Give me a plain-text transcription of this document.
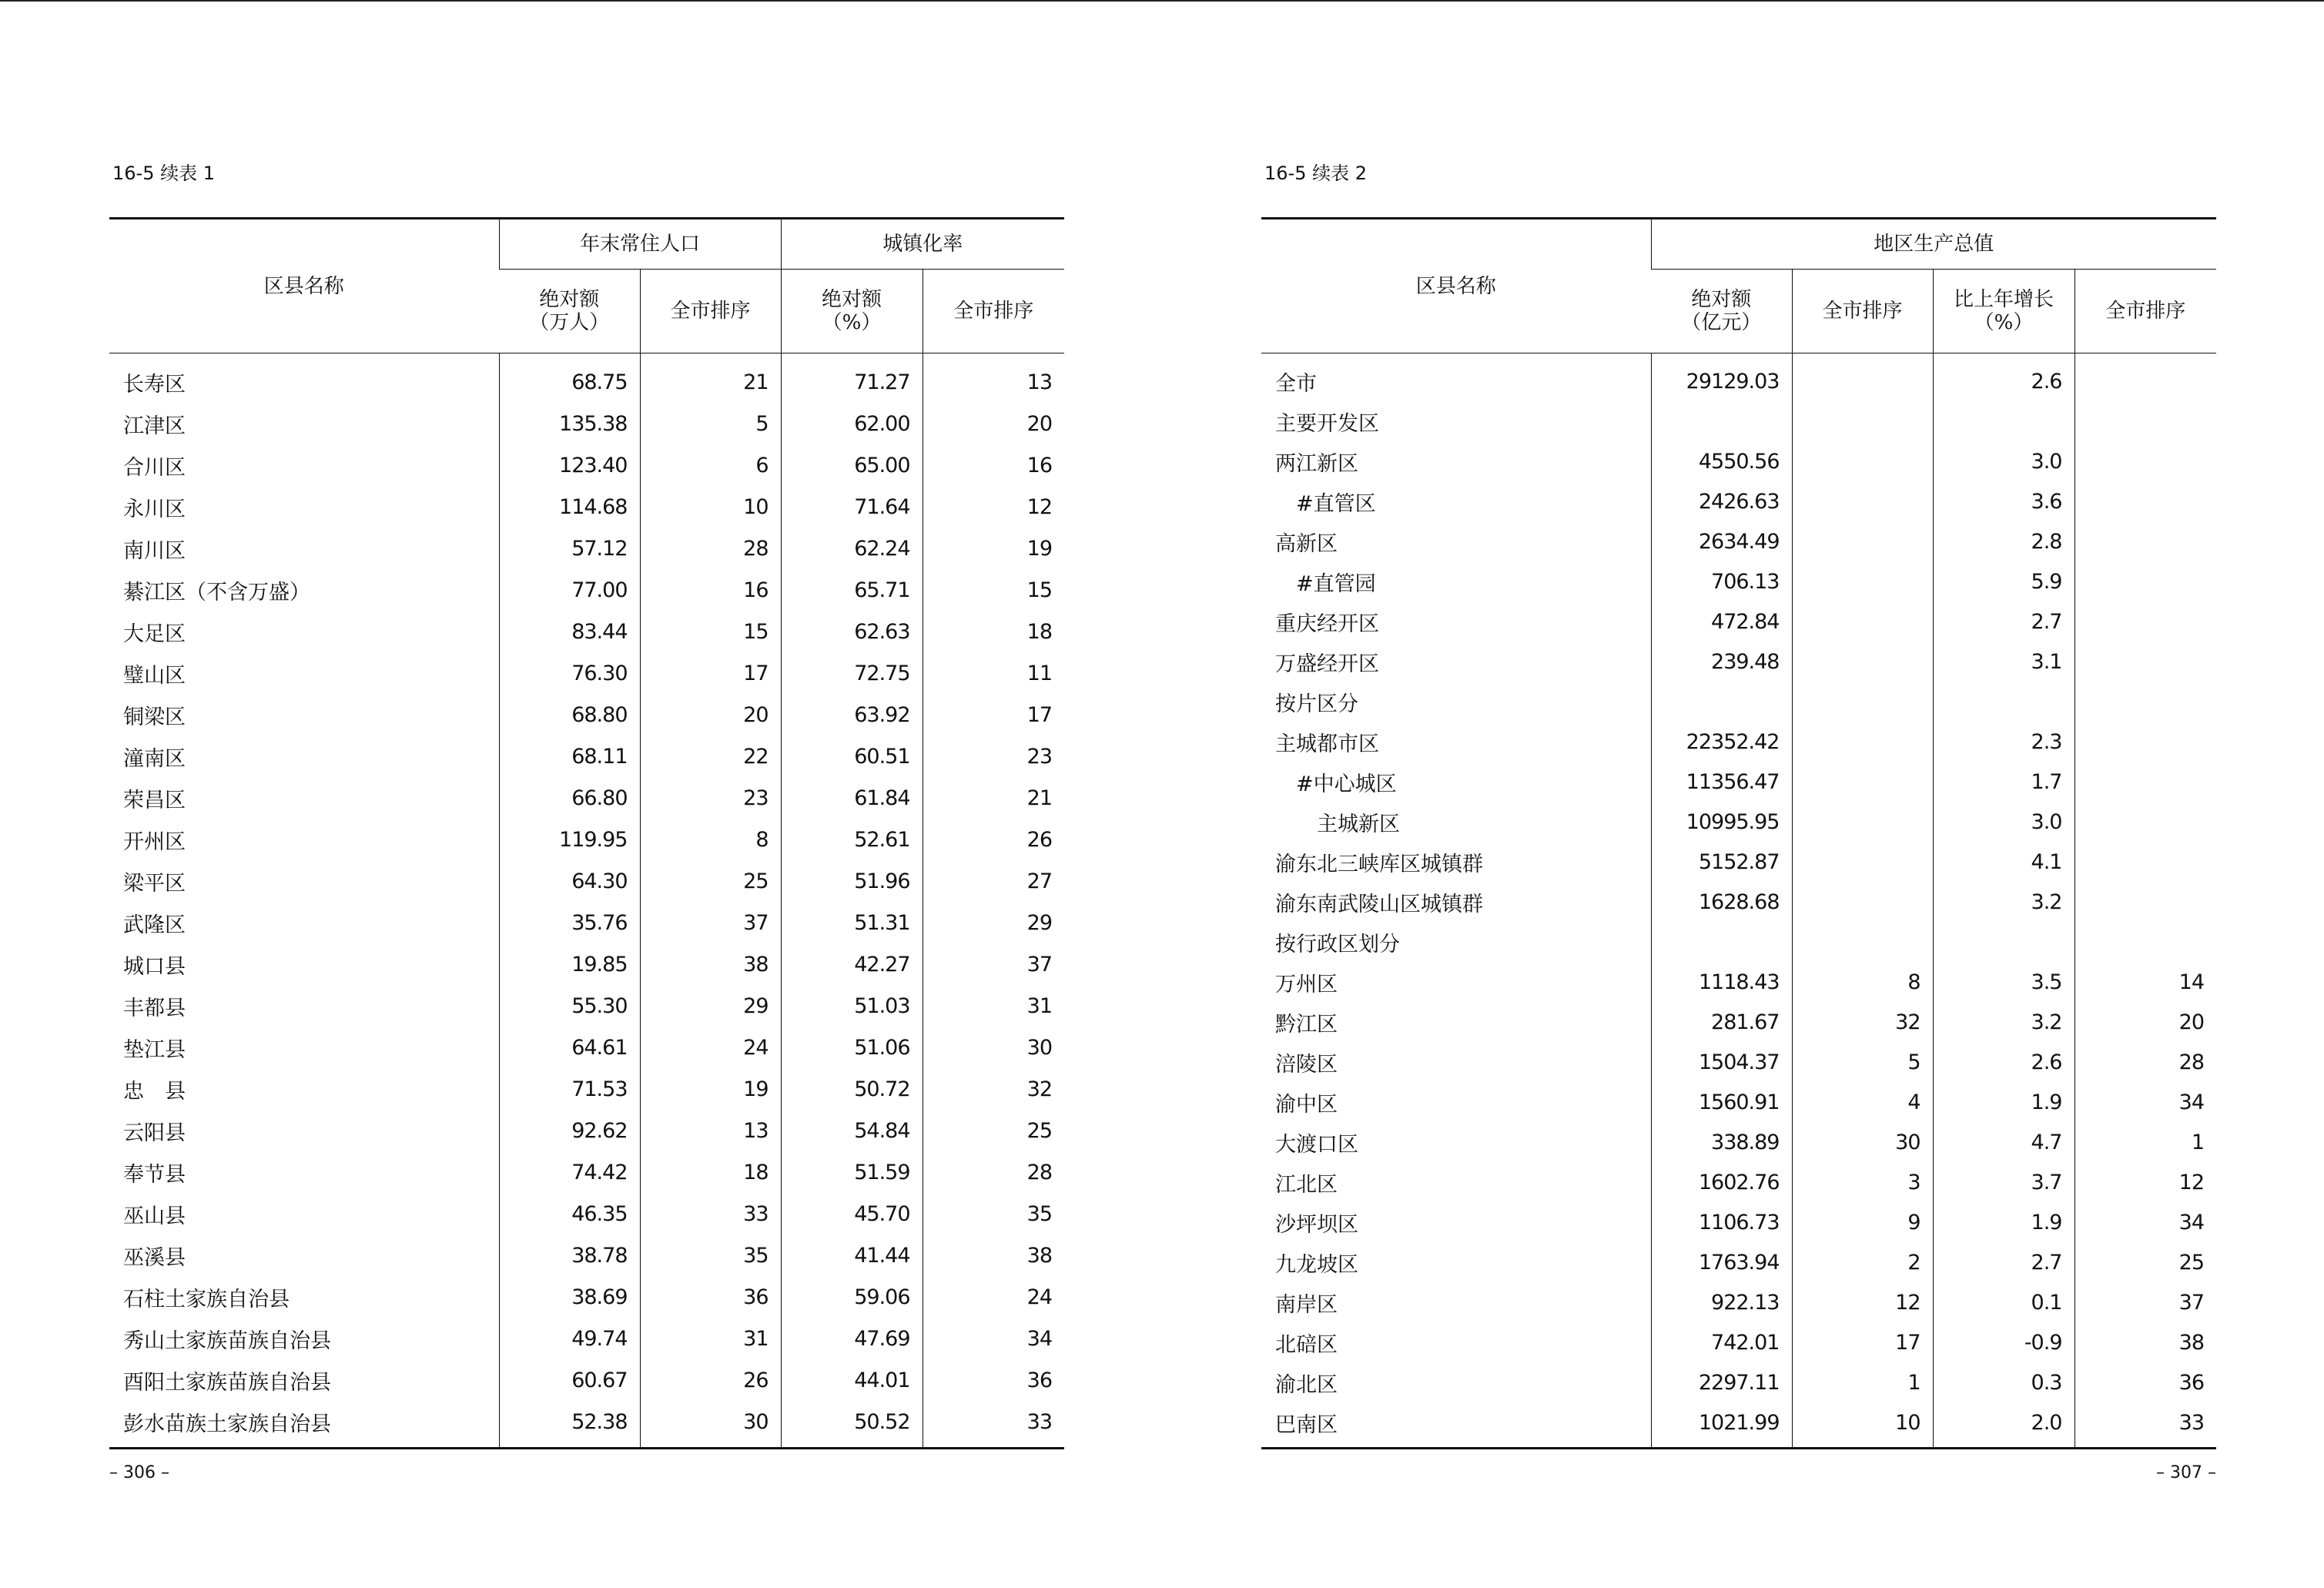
16-5 续表 1
区县名称	年末常住人口		城镇化率	
	绝对额
（万人）	全市排序	绝对额
（%）	全市排序
长寿区	68.75	21	71.27	13
江津区	135.38	5	62.00	20
合川区	123.40	6	65.00	16
永川区	114.68	10	71.64	12
南川区	57.12	28	62.24	19
綦江区（不含万盛）	77.00	16	65.71	15
大足区	83.44	15	62.63	18
璧山区	76.30	17	72.75	11
铜梁区	68.80	20	63.92	17
潼南区	68.11	22	60.51	23
荣昌区	66.80	23	61.84	21
开州区	119.95	8	52.61	26
梁平区	64.30	25	51.96	27
武隆区	35.76	37	51.31	29
城口县	19.85	38	42.27	37
丰都县	55.30	29	51.03	31
垫江县	64.61	24	51.06	30
忠　县	71.53	19	50.72	32
云阳县	92.62	13	54.84	25
奉节县	74.42	18	51.59	28
巫山县	46.35	33	45.70	35
巫溪县	38.78	35	41.44	38
石柱土家族自治县	38.69	36	59.06	24
秀山土家族苗族自治县	49.74	31	47.69	34
酉阳土家族苗族自治县	60.67	26	44.01	36
彭水苗族土家族自治县	52.38	30	50.52	33
– 306 –
16-5 续表 2
区县名称	地区生产总值			
	绝对额
（亿元）	全市排序	比上年增长
（%）	全市排序
全市	29129.03		2.6	
主要开发区				
两江新区	4550.56		3.0	
　#直管区	2426.63		3.6	
高新区	2634.49		2.8	
　#直管园	706.13		5.9	
重庆经开区	472.84		2.7	
万盛经开区	239.48		3.1	
按片区分				
主城都市区	22352.42		2.3	
　#中心城区	11356.47		1.7	
　　主城新区	10995.95		3.0	
渝东北三峡库区城镇群	5152.87		4.1	
渝东南武陵山区城镇群	1628.68		3.2	
按行政区划分				
万州区	1118.43	8	3.5	14
黔江区	281.67	32	3.2	20
涪陵区	1504.37	5	2.6	28
渝中区	1560.91	4	1.9	34
大渡口区	338.89	30	4.7	1
江北区	1602.76	3	3.7	12
沙坪坝区	1106.73	9	1.9	34
九龙坡区	1763.94	2	2.7	25
南岸区	922.13	12	0.1	37
北碚区	742.01	17	-0.9	38
渝北区	2297.11	1	0.3	36
巴南区	1021.99	10	2.0	33
– 307 –
